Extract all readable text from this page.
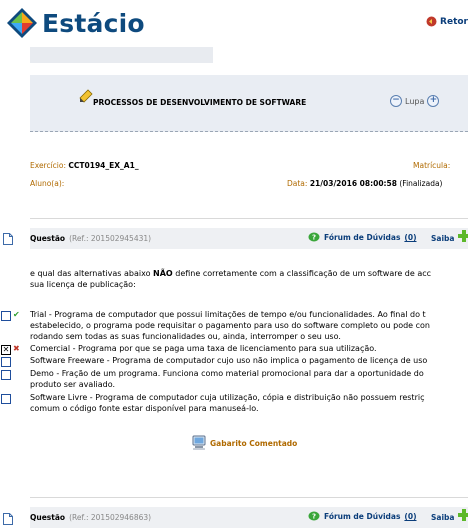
Estácio	Retor
PROCESSOS DE DESENVOLVIMENTO DE SOFTWARE	− Lupa +
Exercício: CCT0194_EX_A1_	Matrícula:
Aluno(a):	Data: 21/03/2016 08:00:58 (Finalizada)
Questão (Ref.: 201502945431)	? Fórum de Dúvidas (0) Saiba
e qual das alternativas abaixo NÃO define corretamente com a classificação de um software de acc
sua licença de publicação:
✔ Trial - Programa de computador que possui limitações de tempo e/ou funcionalidades. Ao final do t
estabelecido, o programa pode requisitar o pagamento para uso do software completo ou pode con
rodando sem todas as suas funcionalidades ou, ainda, interromper o seu uso.
✕ ✖ Comercial - Programa por que se paga uma taxa de licenciamento para sua utilização.
Software Freeware - Programa de computador cujo uso não implica o pagamento de licença de uso
Demo - Fração de um programa. Funciona como material promocional para dar a oportunidade do
produto ser avaliado.
Software Livre - Programa de computador cuja utilização, cópia e distribuição não possuem restriç
comum o código fonte estar disponível para manuseá-lo.
Gabarito Comentado
Questão (Ref.: 201502946863)	? Fórum de Dúvidas (0) Saiba
